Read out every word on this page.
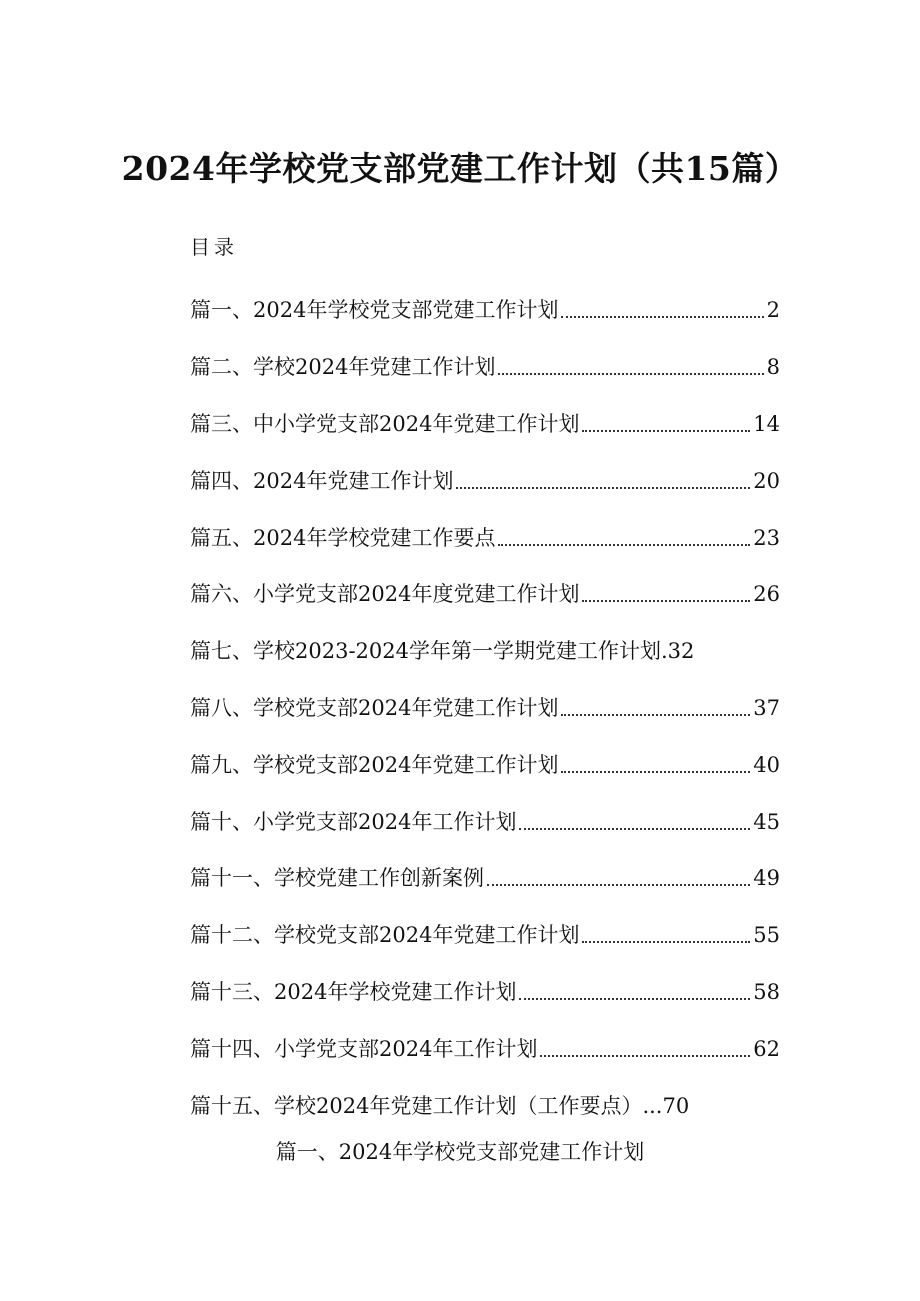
2024年学校党支部党建工作计划（共15篇）
目录
篇一、2024年学校党支部党建工作计划	2
篇二、学校2024年党建工作计划	8
篇三、中小学党支部2024年党建工作计划	14
篇四、2024年党建工作计划	20
篇五、2024年学校党建工作要点	23
篇六、小学党支部2024年度党建工作计划	26
篇七、学校2023-2024学年第一学期党建工作计划. 32
篇八、学校党支部2024年党建工作计划	37
篇九、学校党支部2024年党建工作计划	40
篇十、小学党支部2024年工作计划	45
篇十一、学校党建工作创新案例	49
篇十二、学校党支部2024年党建工作计划	55
篇十三、2024年学校党建工作计划	58
篇十四、小学党支部2024年工作计划	62
篇十五、学校2024年党建工作计划（工作要点）... 70
篇一、2024年学校党支部党建工作计划
